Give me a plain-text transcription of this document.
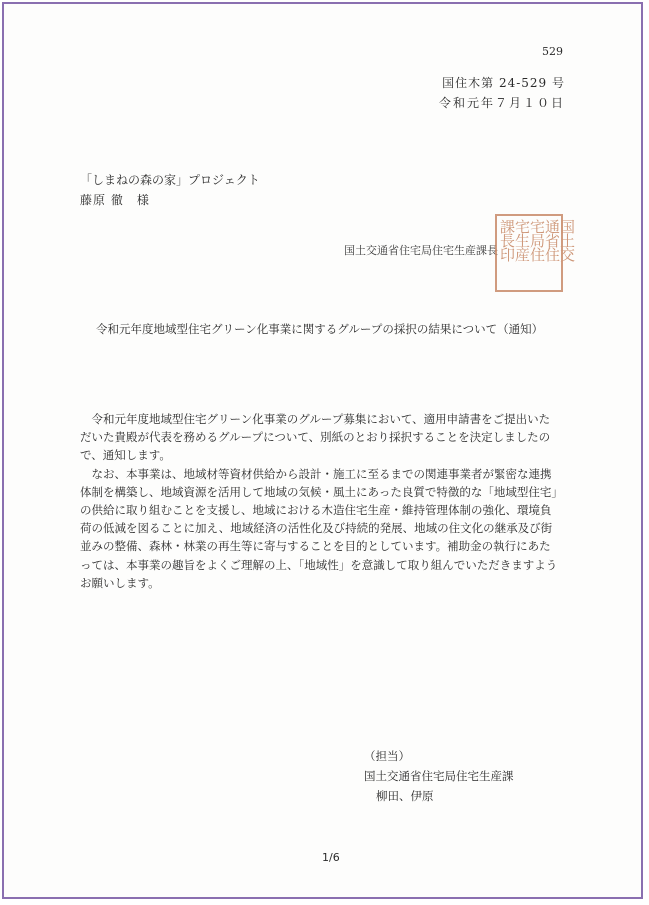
529
国住木第 24-529 号
令和元年７月１０日
「しまねの森の家」プロジェクト
藤原 徹　様
国土交通省住宅局住宅生産課長	国土交
通省住
宅局住
宅生産
課長印
令和元年度地域型住宅グリーン化事業に関するグループの採択の結果について（通知）

令和元年度地域型住宅グリーン化事業のグループ募集において、適用申請書をご提出いた
だいた貴殿が代表を務めるグループについて、別紙のとおり採択することを決定しましたの
で、通知します。

なお、本事業は、地域材等資材供給から設計・施工に至るまでの関連事業者が緊密な連携
体制を構築し、地域資源を活用して地域の気候・風土にあった良質で特徴的な「地域型住宅」
の供給に取り組むことを支援し、地域における木造住宅生産・維持管理体制の強化、環境負
荷の低減を図ることに加え、地域経済の活性化及び持続的発展、地域の住文化の継承及び街
並みの整備、森林・林業の再生等に寄与することを目的としています。補助金の執行にあた
っては、本事業の趣旨をよくご理解の上、「地域性」を意識して取り組んでいただきますよう
お願いします。

（担当）
国土交通省住宅局住宅生産課
柳田、伊原
1/6
